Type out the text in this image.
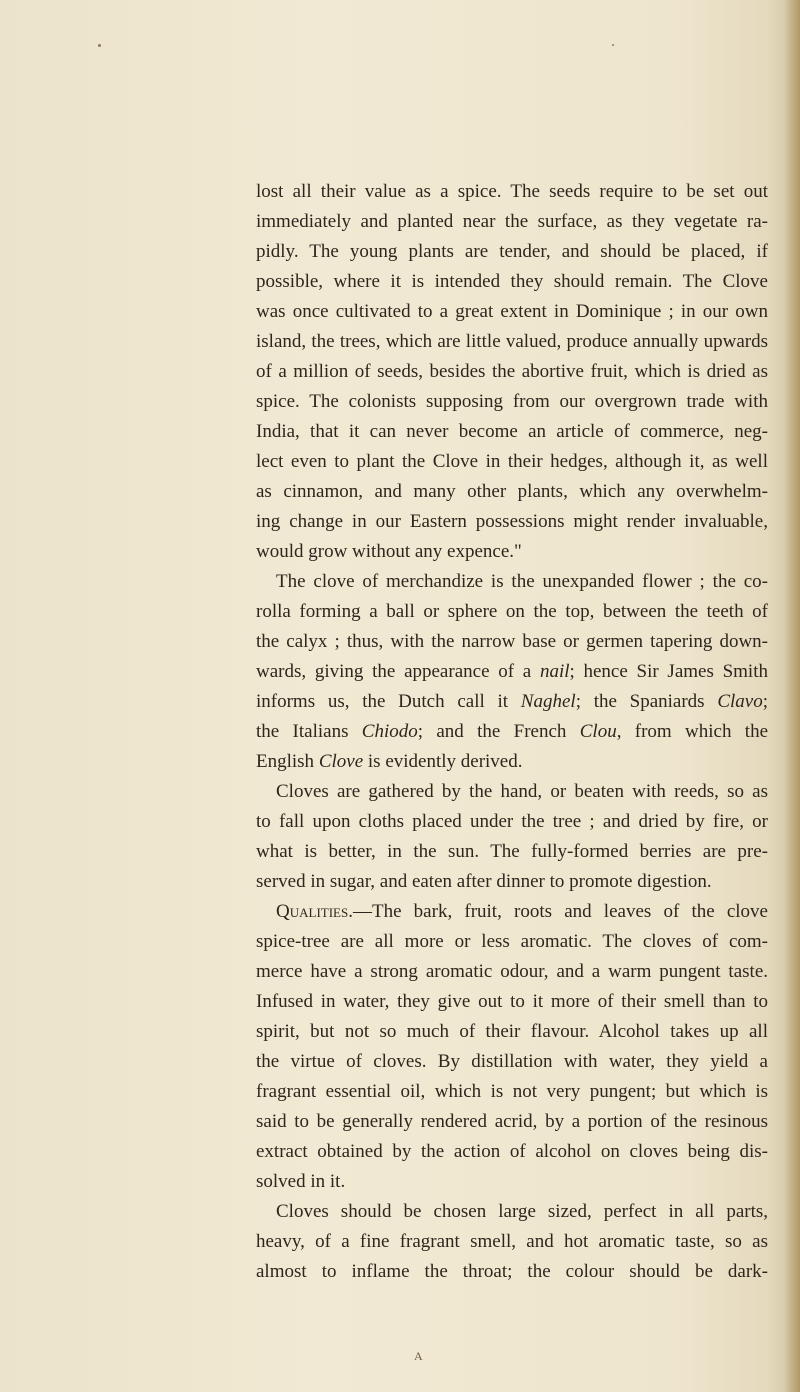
lost all their value as a spice. The seeds require to be set out
immediately and planted near the surface, as they vegetate ra-
pidly. The young plants are tender, and should be placed, if
possible, where it is intended they should remain. The Clove
was once cultivated to a great extent in Dominique ; in our own
island, the trees, which are little valued, produce annually upwards
of a million of seeds, besides the abortive fruit, which is dried as
spice. The colonists supposing from our overgrown trade with
India, that it can never become an article of commerce, neg-
lect even to plant the Clove in their hedges, although it, as well
as cinnamon, and many other plants, which any overwhelm-
ing change in our Eastern possessions might render invaluable,
would grow without any expence."
The clove of merchandize is the unexpanded flower ; the co-
rolla forming a ball or sphere on the top, between the teeth of
the calyx ; thus, with the narrow base or germen tapering down-
wards, giving the appearance of a nail; hence Sir James Smith
informs us, the Dutch call it Naghel; the Spaniards Clavo;
the Italians Chiodo; and the French Clou, from which the
English Clove is evidently derived.
Cloves are gathered by the hand, or beaten with reeds, so as
to fall upon cloths placed under the tree ; and dried by fire, or
what is better, in the sun. The fully-formed berries are pre-
served in sugar, and eaten after dinner to promote digestion.
Qualities.—The bark, fruit, roots and leaves of the clove
spice-tree are all more or less aromatic. The cloves of com-
merce have a strong aromatic odour, and a warm pungent taste.
Infused in water, they give out to it more of their smell than to
spirit, but not so much of their flavour. Alcohol takes up all
the virtue of cloves. By distillation with water, they yield a
fragrant essential oil, which is not very pungent; but which is
said to be generally rendered acrid, by a portion of the resinous
extract obtained by the action of alcohol on cloves being dis-
solved in it.
Cloves should be chosen large sized, perfect in all parts,
heavy, of a fine fragrant smell, and hot aromatic taste, so as
almost to inflame the throat; the colour should be dark-
A
